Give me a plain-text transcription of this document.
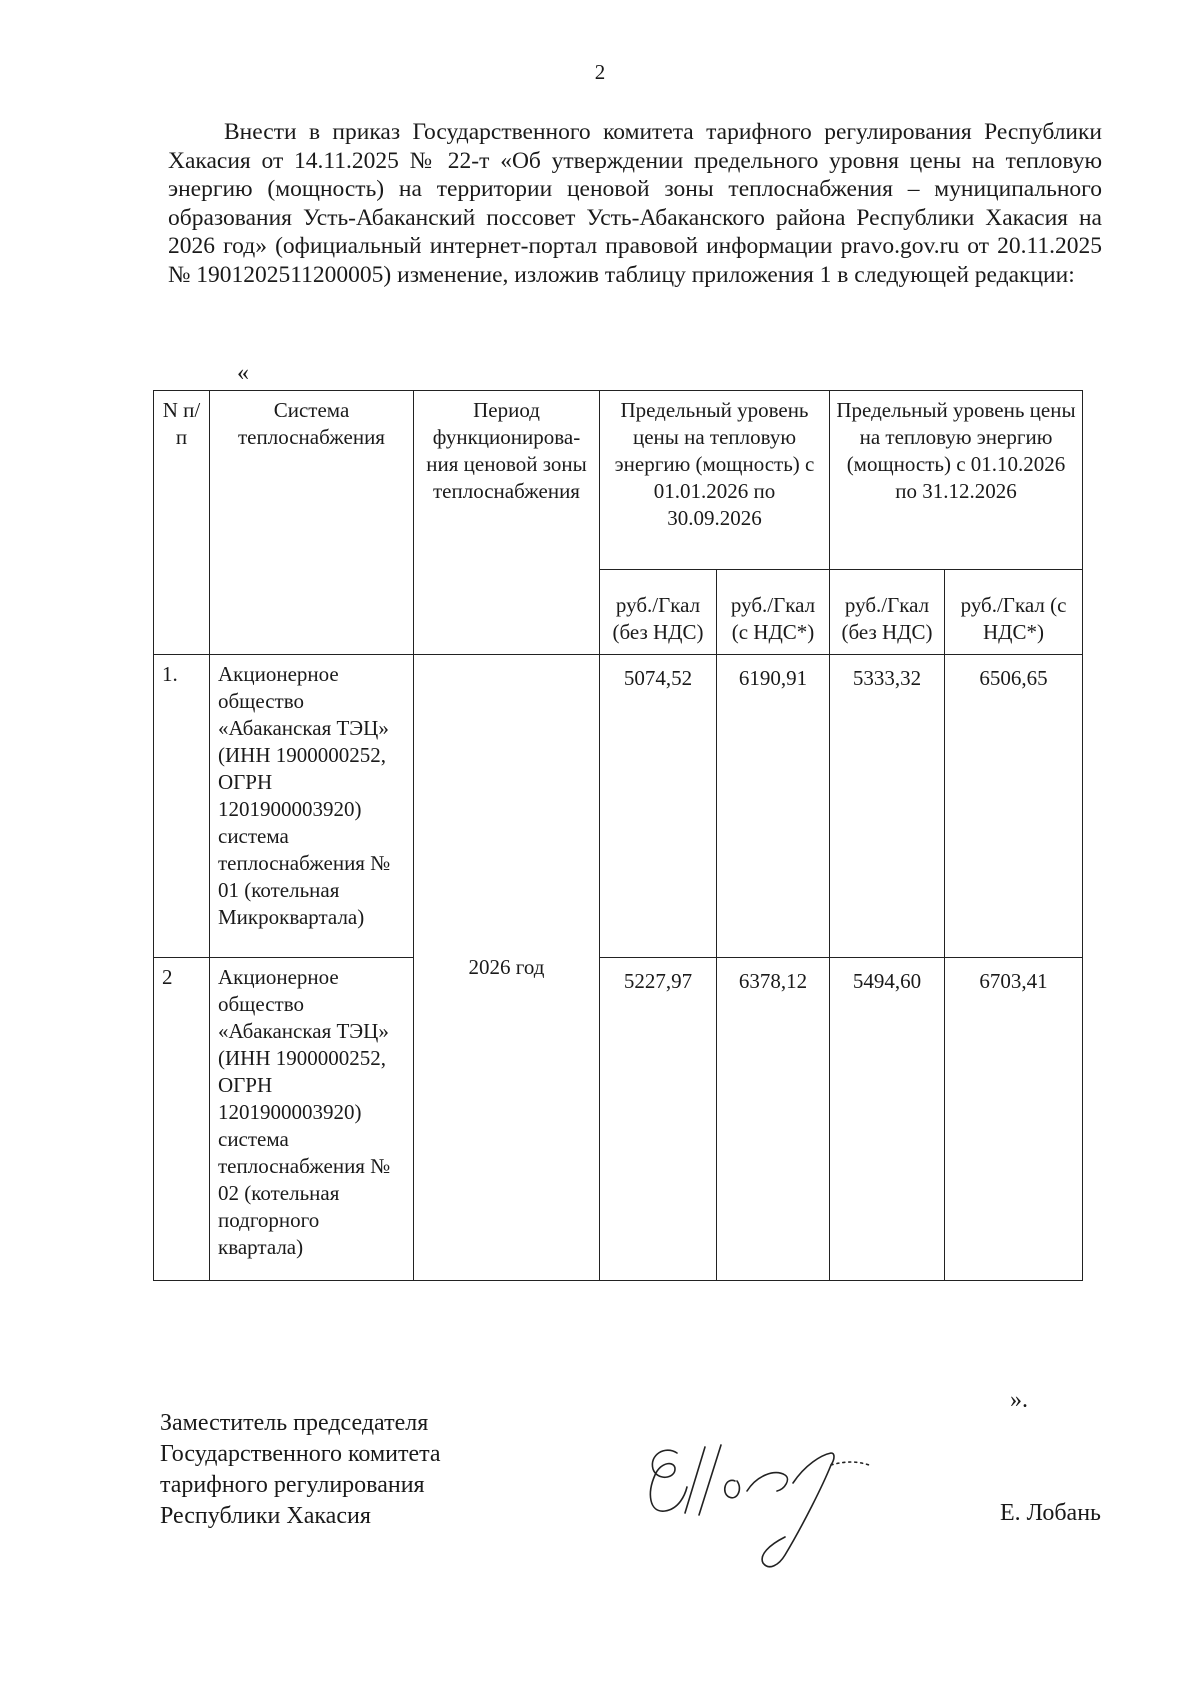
2

Внести в приказ Государственного комитета тарифного регулирования Республики Хакасия от 14.11.2025 № 22-т «Об утверждении предельного уровня цены на тепловую энергию (мощность) на территории ценовой зоны теплоснабжения – муниципального образования Усть-Абаканский поссовет Усть-Абаканского района Республики Хакасия на 2026 год» (официальный интернет-портал правовой информации pravo.gov.ru от 20.11.2025 № 1901202511200005) изменение, изложив таблицу приложения 1 в следующей редакции:

«
N п/п	Система теплоснабжения	Период функционирова-ния ценовой зоны теплоснабжения	Предельный уровень цены на тепловую энергию (мощность) с 01.01.2026 по 30.09.2026		Предельный уровень цены на тепловую энергию (мощность) с 01.10.2026 по 31.12.2026	
			руб./Гкал (без НДС)	руб./Гкал (с НДС*)	руб./Гкал (без НДС)	руб./Гкал (с НДС*)
1.	Акционерное общество «Абаканская ТЭЦ» (ИНН 1900000252, ОГРН 1201900003920) система теплоснабжения № 01 (котельная Микроквартала)	2026 год	5074,52	6190,91	5333,32	6506,65
2	Акционерное общество «Абаканская ТЭЦ» (ИНН 1900000252, ОГРН 1201900003920) система теплоснабжения № 02 (котельная подгорного квартала)		5227,97	6378,12	5494,60	6703,41
».
Заместитель председателя
Государственного комитета
тарифного регулирования
Республики Хакасия	Е. Лобань
